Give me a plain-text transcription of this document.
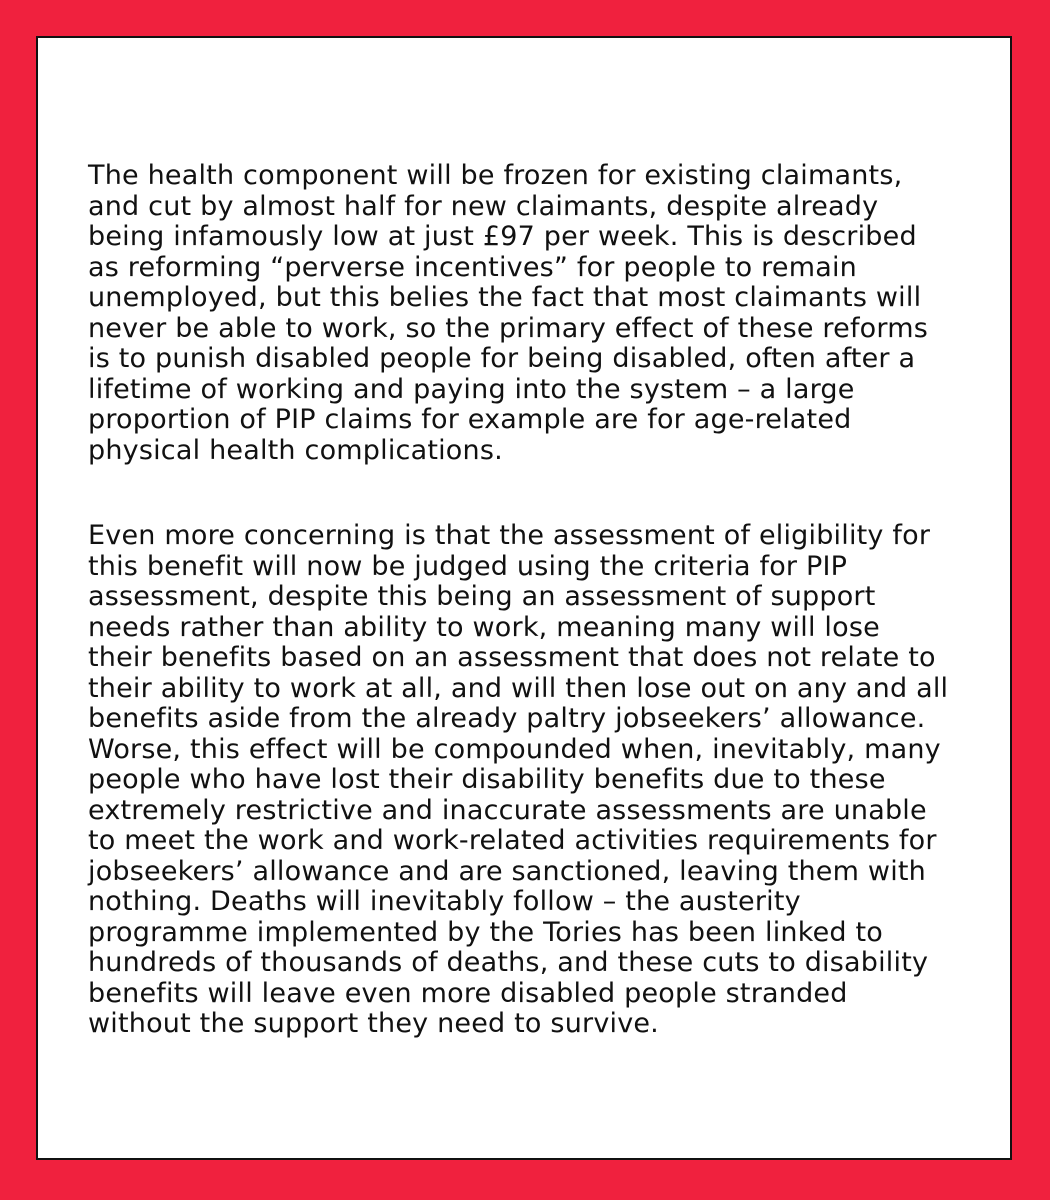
The health component will be frozen for existing claimants,
and cut by almost half for new claimants, despite already
being infamously low at just £97 per week. This is described
as reforming “perverse incentives” for people to remain
unemployed, but this belies the fact that most claimants will
never be able to work, so the primary effect of these reforms
is to punish disabled people for being disabled, often after a
lifetime of working and paying into the system – a large
proportion of PIP claims for example are for age-related
physical health complications.
Even more concerning is that the assessment of eligibility for
this benefit will now be judged using the criteria for PIP
assessment, despite this being an assessment of support
needs rather than ability to work, meaning many will lose
their benefits based on an assessment that does not relate to
their ability to work at all, and will then lose out on any and all
benefits aside from the already paltry jobseekers’ allowance.
Worse, this effect will be compounded when, inevitably, many
people who have lost their disability benefits due to these
extremely restrictive and inaccurate assessments are unable
to meet the work and work-related activities requirements for
jobseekers’ allowance and are sanctioned, leaving them with
nothing. Deaths will inevitably follow – the austerity
programme implemented by the Tories has been linked to
hundreds of thousands of deaths, and these cuts to disability
benefits will leave even more disabled people stranded
without the support they need to survive.
